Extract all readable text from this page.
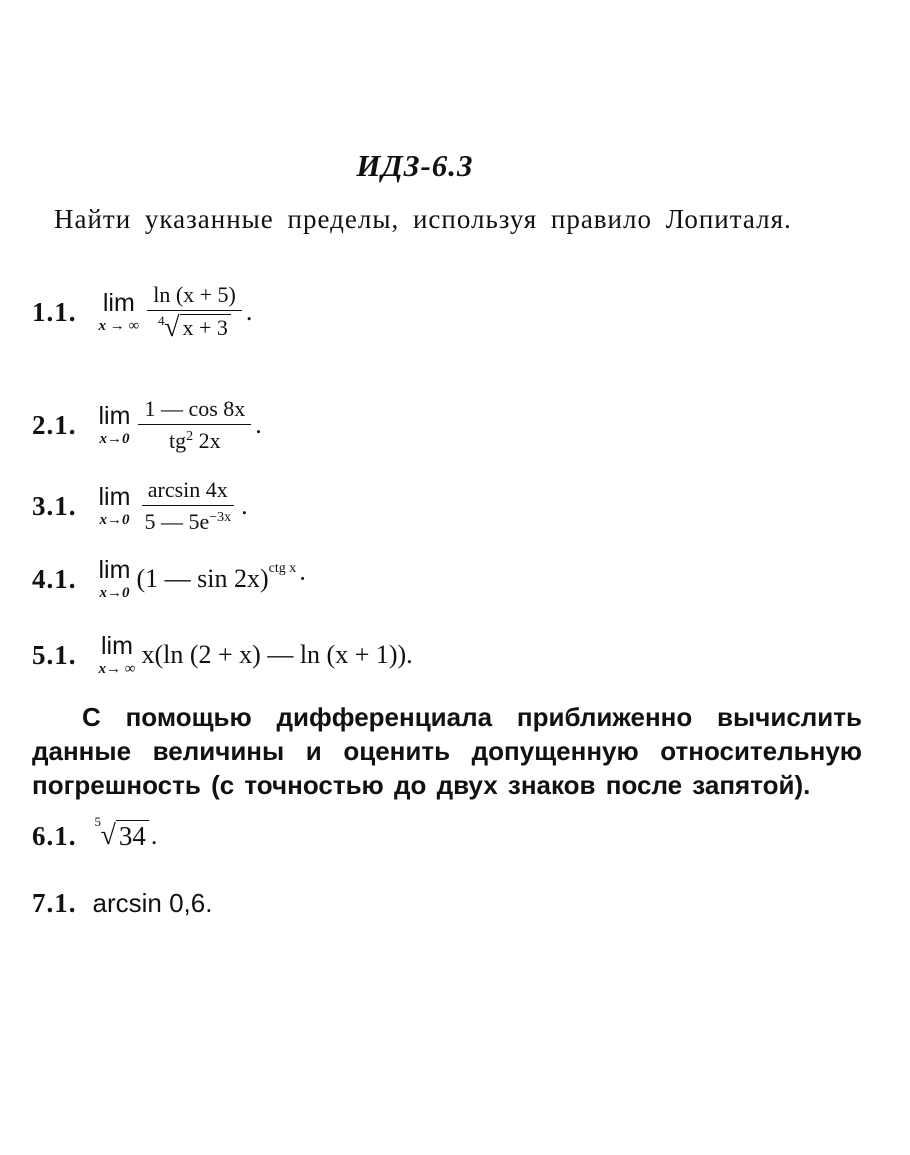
ИДЗ-6.3
Найти указанные пределы, используя правило Лопиталя.
1.1. lim
x → ∞ $\frac{\ln (x + 5)}{4 √ x + 3}$ .
2.1. lim
$x\to 0 \frac{1 — \cos 8x}{tg^2 2x}$ .
3.1. lim
$x\to 0 \frac{\arcsin 4x}{5 — 5e^{-3x}}$ .
4.1. lim
x→0 (1 — sin 2x) ctg x ·
5.1. lim
x→ ∞ x(ln (2 + x) — ln (x + 1)).
С помощью дифференциала приближенно вычислить данные величины и оценить допущенную относительную погрешность (с точностью до двух знаков после запятой).
6.1. 5 √ 34 .
7.1. arcsin 0,6.
